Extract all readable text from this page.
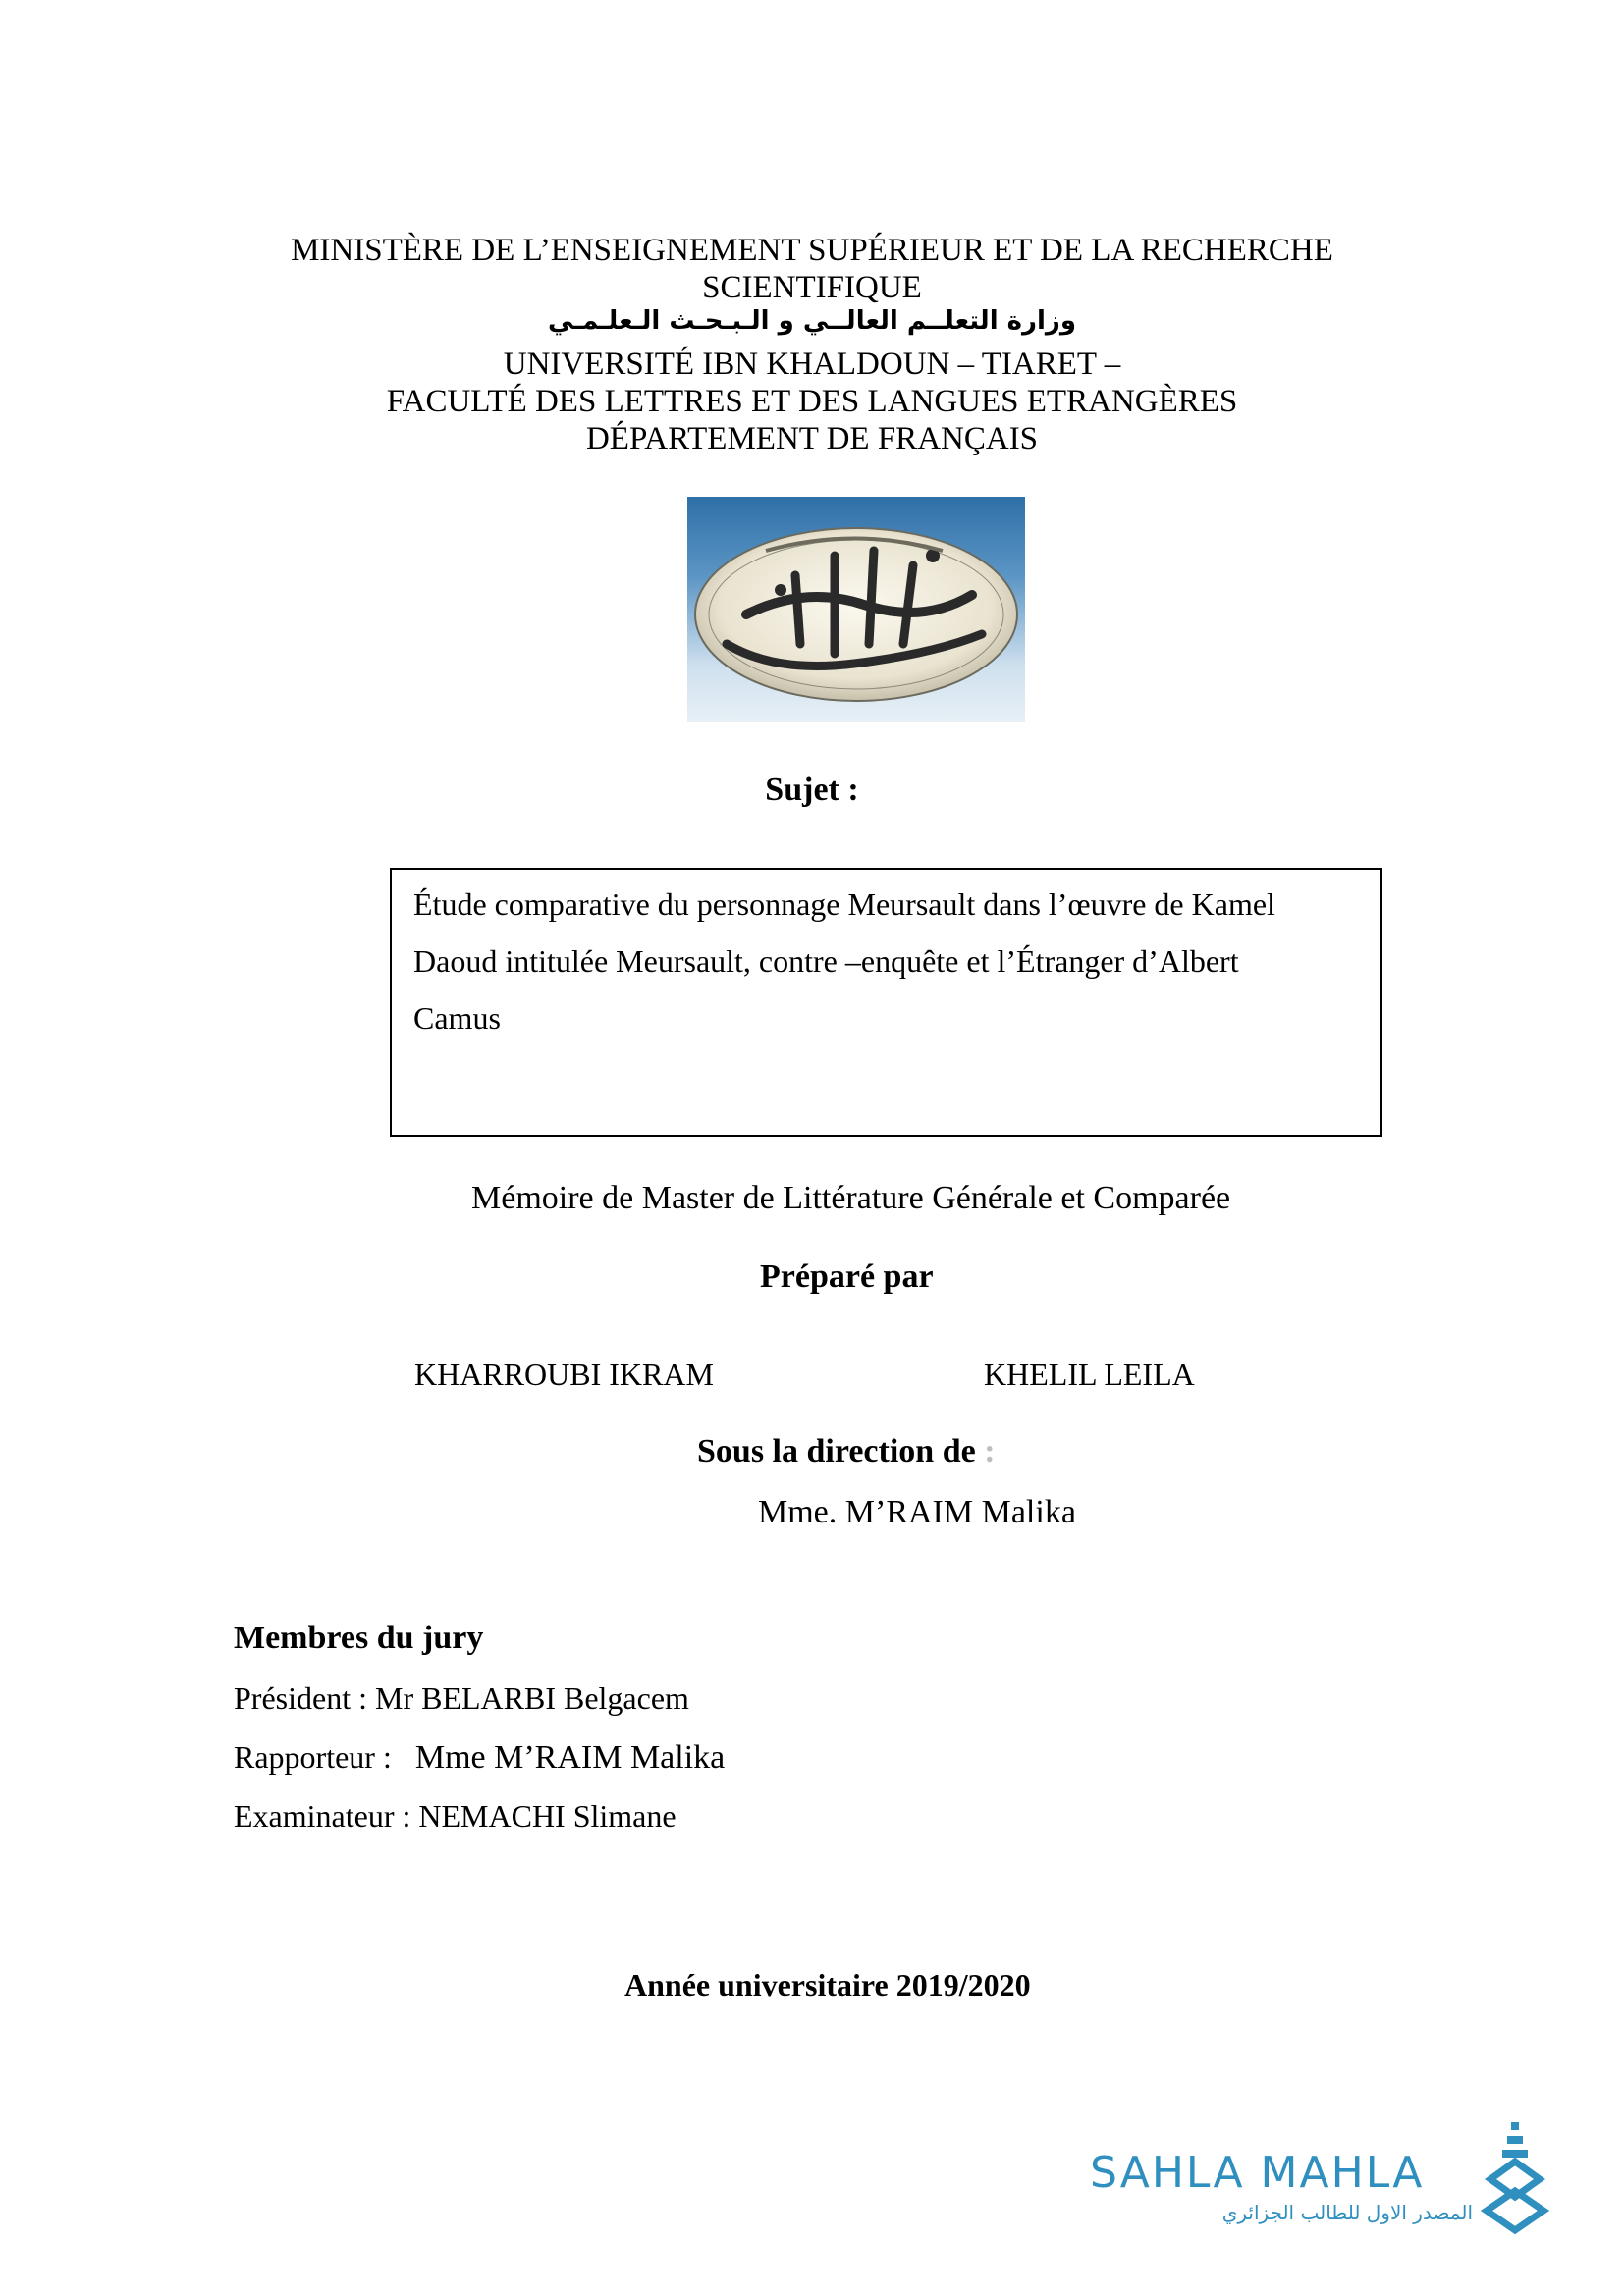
MINISTÈRE DE L’ENSEIGNEMENT SUPÉRIEUR ET DE LA RECHERCHE
SCIENTIFIQUE
وزارة التعلــم العالــي و الـبـحـث الـعلـمـي
UNIVERSITÉ IBN KHALDOUN – TIARET –
FACULTÉ DES LETTRES ET DES LANGUES ETRANGÈRES
DÉPARTEMENT DE FRANÇAIS
Sujet :
Étude comparative du personnage Meursault dans l’œuvre de Kamel
Daoud intitulée Meursault, contre –enquête et l’Étranger d’Albert
Camus
Mémoire de Master de Littérature Générale et Comparée
Préparé par
KHARROUBI IKRAM	KHELIL LEILA
Sous la direction de :
Mme. M’RAIM Malika
Membres du jury
Président : Mr BELARBI Belgacem
Rapporteur : Mme M’RAIM Malika
Examinateur : NEMACHI Slimane
Année universitaire 2019/2020
SAHLA MAHLA
المصدر الاول للطالب الجزائري
